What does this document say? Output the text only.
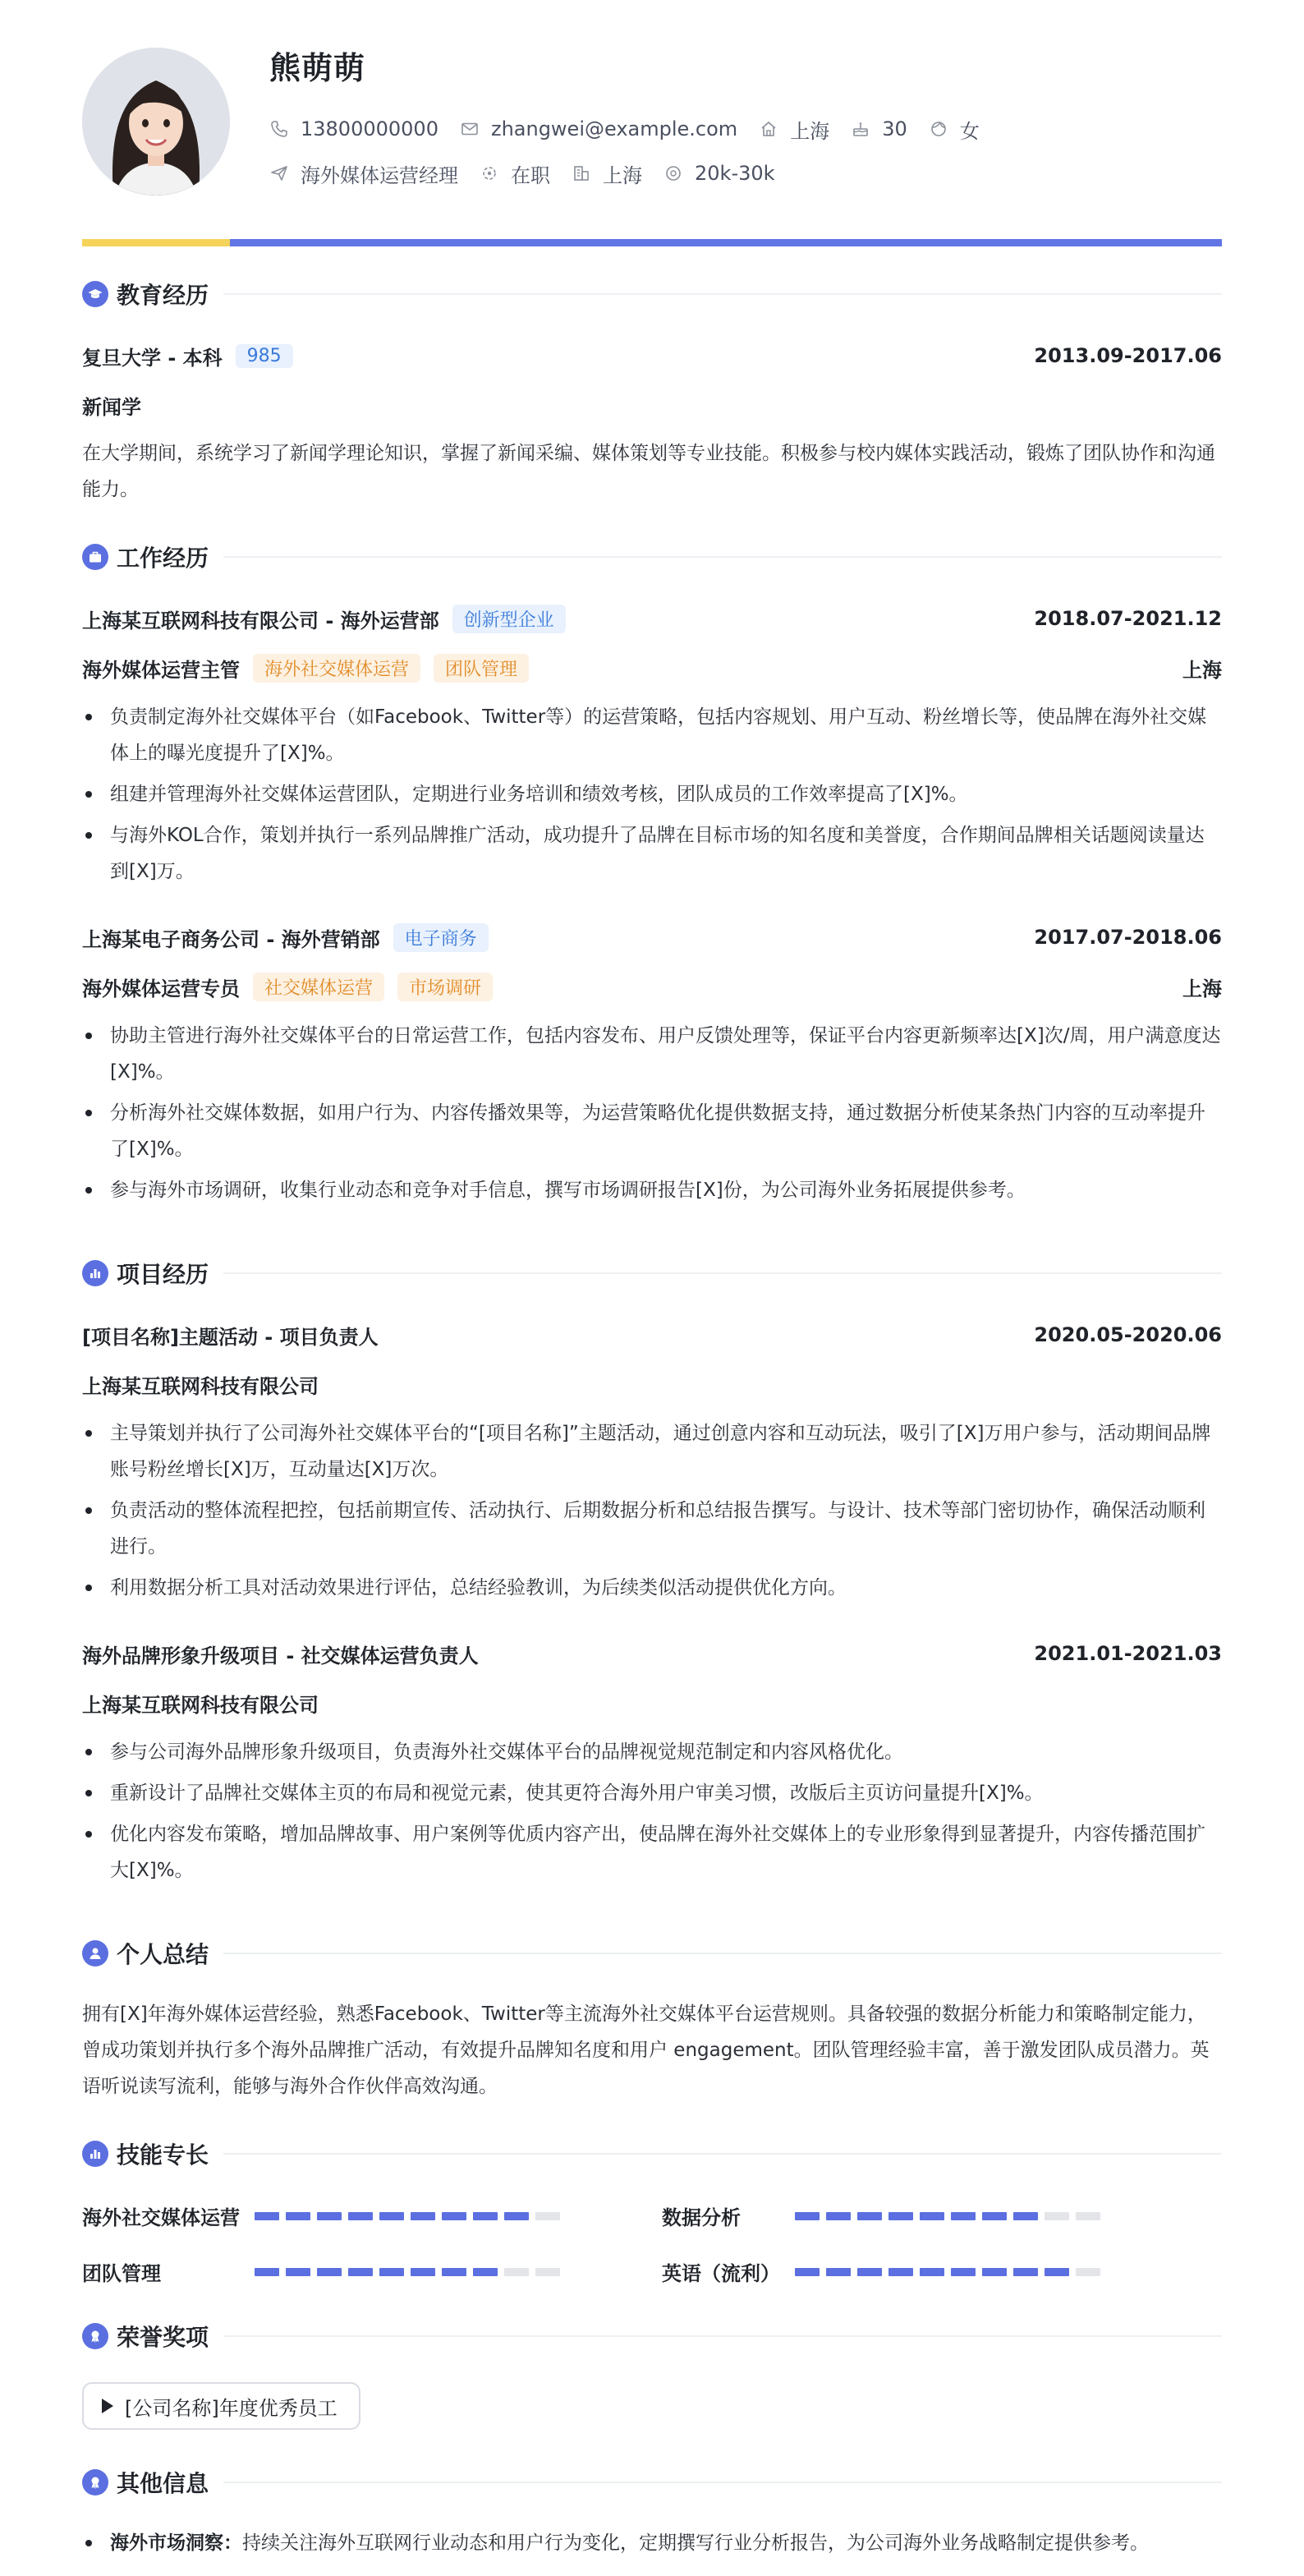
熊萌萌
13800000000	zhangwei@example.com	上海	30	女
海外媒体运营经理	在职	上海	20k-30k
教育经历
复旦大学 - 本科	985	2013.09-2017.06
新闻学
在大学期间，系统学习了新闻学理论知识，掌握了新闻采编、媒体策划等专业技能。积极参与校内媒体实践活动，锻炼了团队协作和沟通能力。
工作经历
上海某互联网科技有限公司 - 海外运营部	创新型企业	2018.07-2021.12
海外媒体运营主管	海外社交媒体运营	团队管理	上海
负责制定海外社交媒体平台（如Facebook、Twitter等）的运营策略，包括内容规划、用户互动、粉丝增长等，使品牌在海外社交媒体上的曝光度提升了[X]%。
组建并管理海外社交媒体运营团队，定期进行业务培训和绩效考核，团队成员的工作效率提高了[X]%。
与海外KOL合作，策划并执行一系列品牌推广活动，成功提升了品牌在目标市场的知名度和美誉度，合作期间品牌相关话题阅读量达到[X]万。
上海某电子商务公司 - 海外营销部	电子商务	2017.07-2018.06
海外媒体运营专员	社交媒体运营	市场调研	上海
协助主管进行海外社交媒体平台的日常运营工作，包括内容发布、用户反馈处理等，保证平台内容更新频率达[X]次/周，用户满意度达[X]%。
分析海外社交媒体数据，如用户行为、内容传播效果等，为运营策略优化提供数据支持，通过数据分析使某条热门内容的互动率提升了[X]%。
参与海外市场调研，收集行业动态和竞争对手信息，撰写市场调研报告[X]份，为公司海外业务拓展提供参考。
项目经历
[项目名称]主题活动 - 项目负责人	2020.05-2020.06
上海某互联网科技有限公司
主导策划并执行了公司海外社交媒体平台的“[项目名称]”主题活动，通过创意内容和互动玩法，吸引了[X]万用户参与，活动期间品牌账号粉丝增长[X]万，互动量达[X]万次。
负责活动的整体流程把控，包括前期宣传、活动执行、后期数据分析和总结报告撰写。与设计、技术等部门密切协作，确保活动顺利进行。
利用数据分析工具对活动效果进行评估，总结经验教训，为后续类似活动提供优化方向。
海外品牌形象升级项目 - 社交媒体运营负责人	2021.01-2021.03
上海某互联网科技有限公司
参与公司海外品牌形象升级项目，负责海外社交媒体平台的品牌视觉规范制定和内容风格优化。
重新设计了品牌社交媒体主页的布局和视觉元素，使其更符合海外用户审美习惯，改版后主页访问量提升[X]%。
优化内容发布策略，增加品牌故事、用户案例等优质内容产出，使品牌在海外社交媒体上的专业形象得到显著提升，内容传播范围扩大[X]%。
个人总结
拥有[X]年海外媒体运营经验，熟悉Facebook、Twitter等主流海外社交媒体平台运营规则。具备较强的数据分析能力和策略制定能力，曾成功策划并执行多个海外品牌推广活动，有效提升品牌知名度和用户 engagement。团队管理经验丰富，善于激发团队成员潜力。英语听说读写流利，能够与海外合作伙伴高效沟通。
技能专长
海外社交媒体运营	数据分析
团队管理	英语（流利）
荣誉奖项
[公司名称]年度优秀员工
其他信息
海外市场洞察：持续关注海外互联网行业动态和用户行为变化，定期撰写行业分析报告，为公司海外业务战略制定提供参考。
